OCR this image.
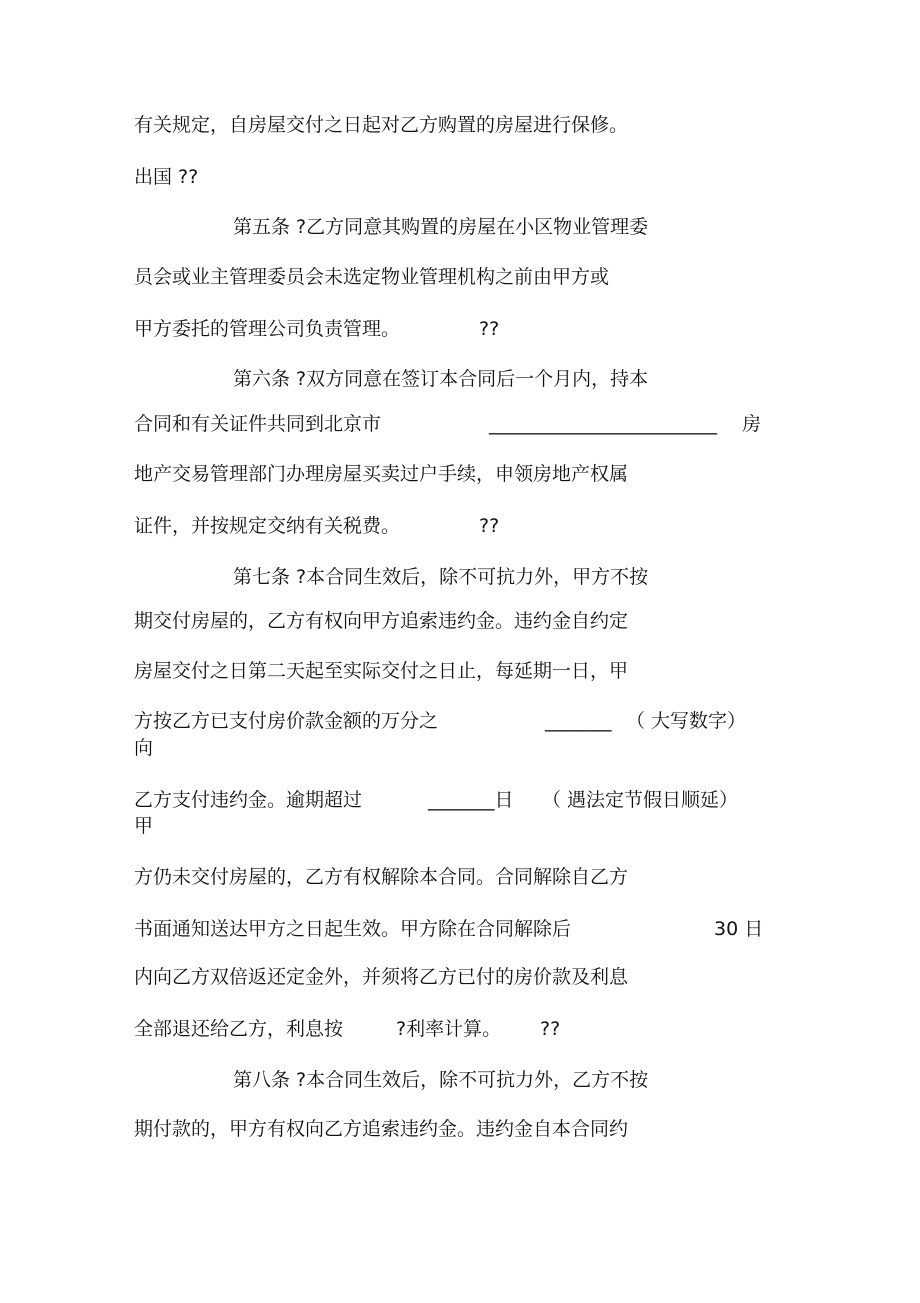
有关规定，自房屋交付之日起对乙方购置的房屋进行保修。
出国 ??
第五条 ?乙方同意其购置的房屋在小区物业管理委
员会或业主管理委员会未选定物业管理机构之前由甲方或
甲方委托的管理公司负责管理。	??
第六条 ?双方同意在签订本合同后一个月内，持本
合同和有关证件共同到北京市	________________________ 房
地产交易管理部门办理房屋买卖过户手续，申领房地产权属
证件，并按规定交纳有关税费。	??
第七条 ?本合同生效后，除不可抗力外，甲方不按
期交付房屋的，乙方有权向甲方追索违约金。违约金自约定
房屋交付之日第二天起至实际交付之日止，每延期一日，甲
方按乙方已支付房价款金额的万分之	_______ （ 大写数字）
向
乙方支付违约金。逾期超过	_______日 （ 遇法定节假日顺延）
甲
方仍未交付房屋的，乙方有权解除本合同。合同解除自乙方
书面通知送达甲方之日起生效。甲方除在合同解除后	30 日
内向乙方双倍返还定金外，并须将乙方已付的房价款及利息
全部退还给乙方，利息按	?利率计算。 ??
第八条 ?本合同生效后，除不可抗力外，乙方不按
期付款的，甲方有权向乙方追索违约金。违约金自本合同约
